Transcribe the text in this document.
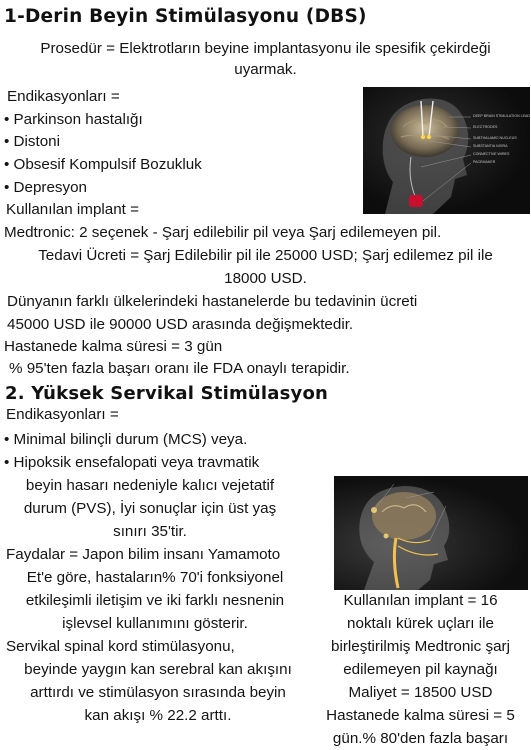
1-Derin Beyin Stimülasyonu (DBS)
Prosedür = Elektrotların beyine implantasyonu ile spesifik çekirdeği
uyarmak.
Endikasyonları =
• Parkinson hastalığı
• Distoni
• Obsesif Kompulsif Bozukluk
• Depresyon
Kullanılan implant =
Medtronic: 2 seçenek - Şarj edilebilir pil veya Şarj edilemeyen pil.
Tedavi Ücreti = Şarj Edilebilir pil ile 25000 USD; Şarj edilemez pil ile
18000 USD.
Dünyanın farklı ülkelerindeki hastanelerde bu tedavinin ücreti
45000 USD ile 90000 USD arasında değişmektedir.
Hastanede kalma süresi = 3 gün
% 95'ten fazla başarı oranı ile FDA onaylı terapidir.
DEEP BRAIN STIMULATION LEAD
ELECTRODES
SUBTHALAMIC NUCLEUS
SUBSTANTIA NIGRA
CONNECTIVE WIRES
PACEMAKER
2. Yüksek Servikal Stimülasyon
Endikasyonları =
• Minimal bilinçli durum (MCS) veya.
• Hipoksik ensefalopati veya travmatik
beyin hasarı nedeniyle kalıcı vejetatif
durum (PVS), İyi sonuçlar için üst yaş
sınırı 35'tir.
Faydalar = Japon bilim insanı Yamamoto
Et'e göre, hastaların% 70'i fonksiyonel
etkileşimli iletişim ve iki farklı nesnenin
işlevsel kullanımını gösterir.
Servikal spinal kord stimülasyonu,
beyinde yaygın kan serebral kan akışını
arttırdı ve stimülasyon sırasında beyin
kan akışı % 22.2 arttı.
Kullanılan implant = 16
noktalı kürek uçları ile
birleştirilmiş Medtronic şarj
edilemeyen pil kaynağı
Maliyet = 18500 USD
Hastanede kalma süresi = 5
gün.% 80'den fazla başarı
